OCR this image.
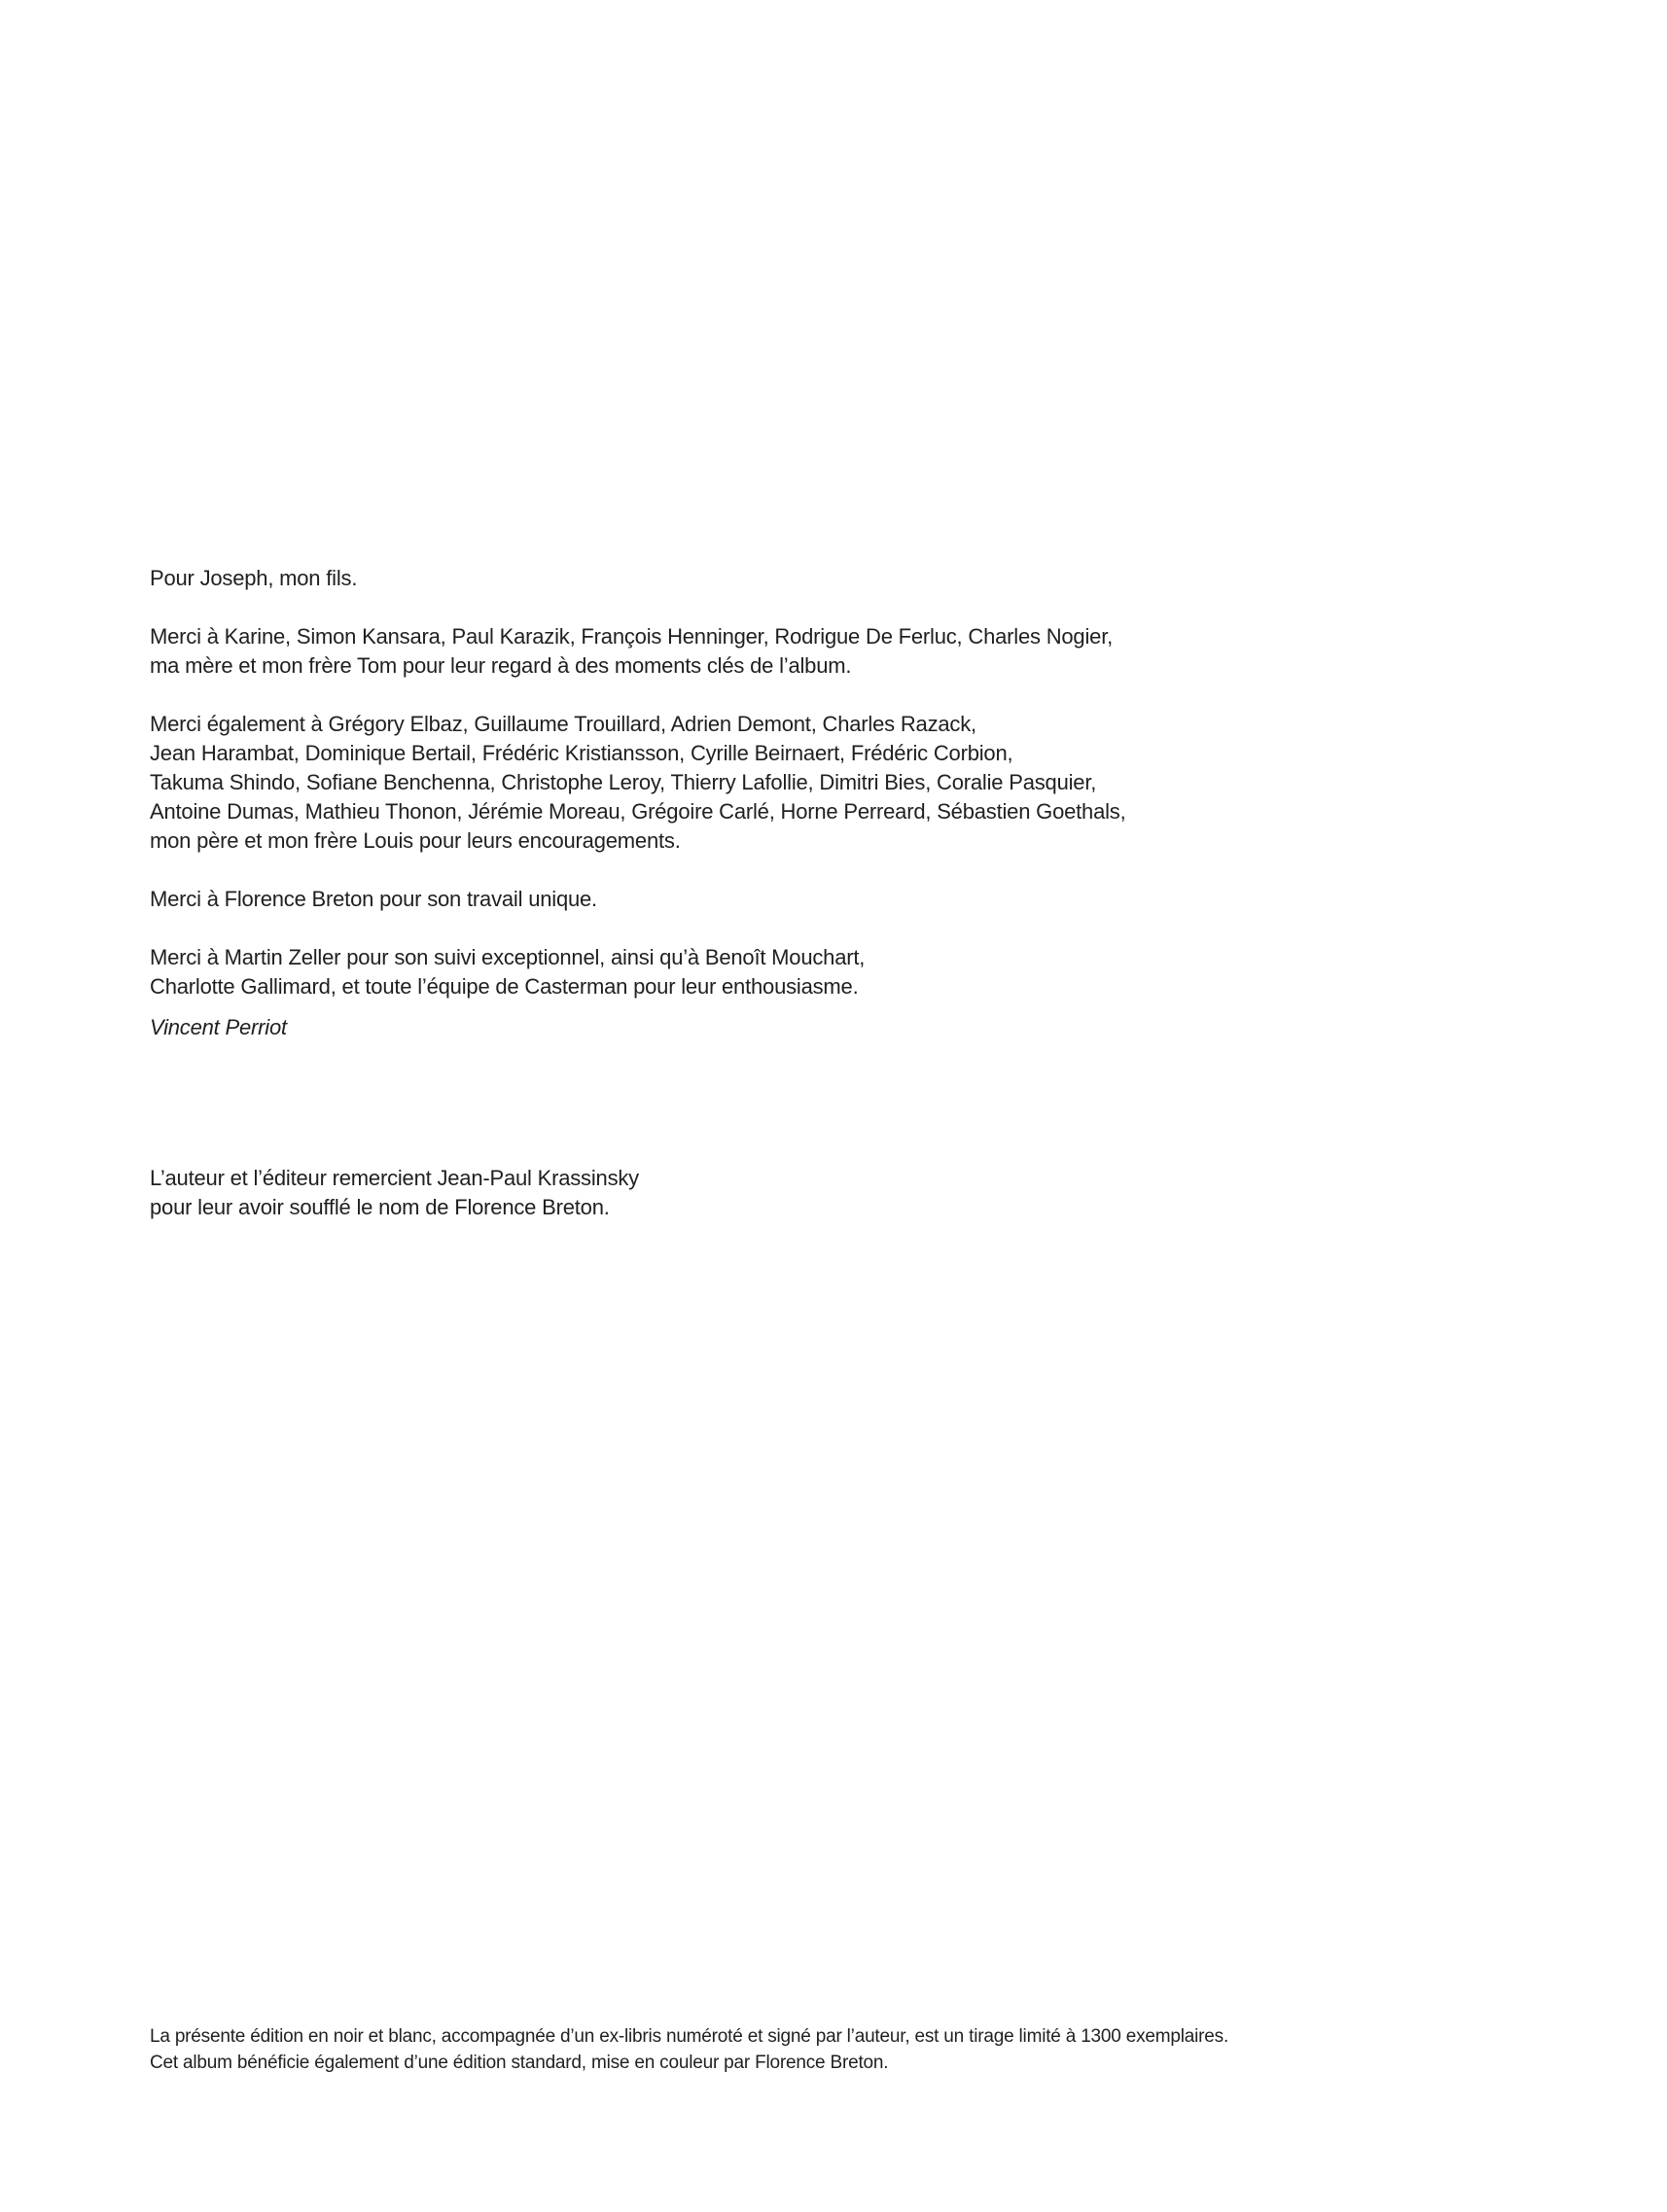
Pour Joseph, mon fils.

Merci à Karine, Simon Kansara, Paul Karazik, François Henninger, Rodrigue De Ferluc, Charles Nogier,
ma mère et mon frère Tom pour leur regard à des moments clés de l’album.

Merci également à Grégory Elbaz, Guillaume Trouillard, Adrien Demont, Charles Razack,
Jean Harambat, Dominique Bertail, Frédéric Kristiansson, Cyrille Beirnaert, Frédéric Corbion,
Takuma Shindo, Sofiane Benchenna, Christophe Leroy, Thierry Lafollie, Dimitri Bies, Coralie Pasquier,
Antoine Dumas, Mathieu Thonon, Jérémie Moreau, Grégoire Carlé, Horne Perreard, Sébastien Goethals,
mon père et mon frère Louis pour leurs encouragements.

Merci à Florence Breton pour son travail unique.

Merci à Martin Zeller pour son suivi exceptionnel, ainsi qu’à Benoît Mouchart,
Charlotte Gallimard, et toute l’équipe de Casterman pour leur enthousiasme.

Vincent Perriot

L’auteur et l’éditeur remercient Jean-Paul Krassinsky
pour leur avoir soufflé le nom de Florence Breton.
La présente édition en noir et blanc, accompagnée d’un ex-libris numéroté et signé par l’auteur, est un tirage limité à 1300 exemplaires.
Cet album bénéficie également d’une édition standard, mise en couleur par Florence Breton.
